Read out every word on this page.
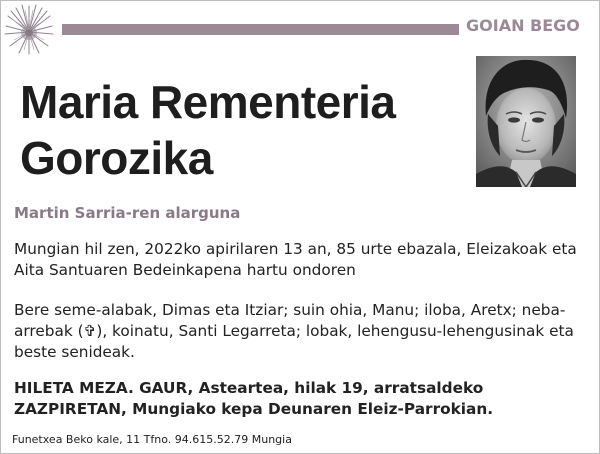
GOIAN BEGO
Maria Rementeria
Gorozika
Martin Sarria-ren alarguna
Mungian hil zen, 2022ko apirilaren 13 an, 85 urte ebazala, Eleizakoak eta Aita Santuaren Bedeinkapena hartu ondoren
Bere seme-alabak, Dimas eta Itziar; suin ohia, Manu; iloba, Aretx; neba-arrebak (✞), koinatu, Santi Legarreta; lobak, lehengusu-lehengusinak eta beste senideak.
HILETA MEZA. GAUR, Asteartea, hilak 19, arratsaldeko ZAZPIRETAN, Mungiako kepa Deunaren Eleiz-Parrokian.
Funetxea Beko kale, 11 Tfno. 94.615.52.79 Mungia
